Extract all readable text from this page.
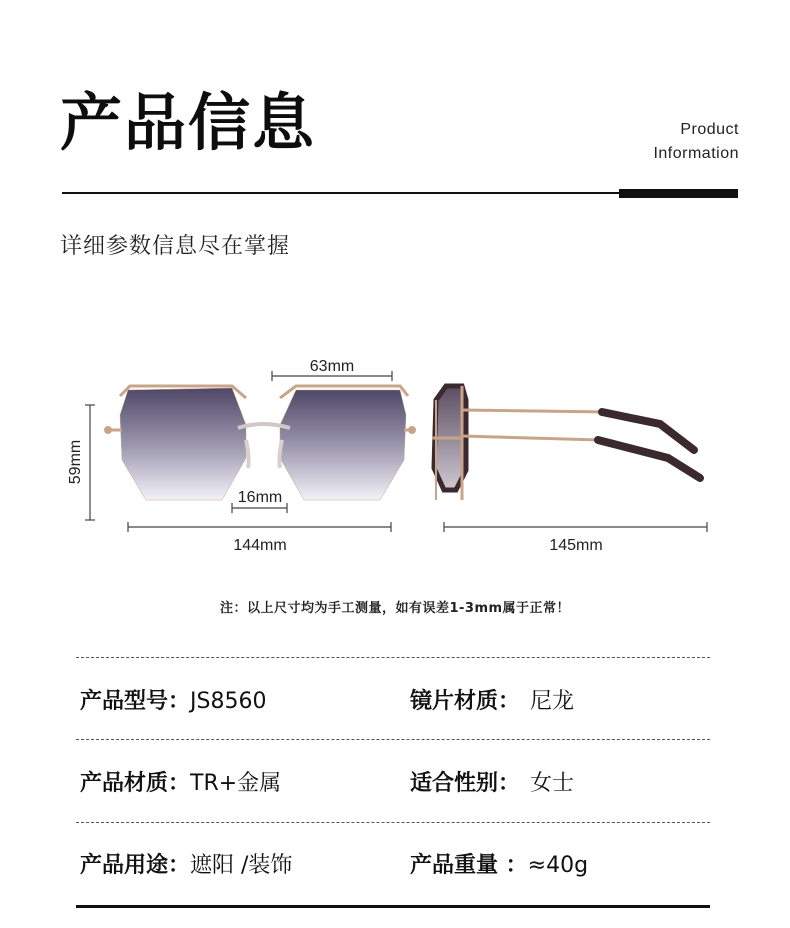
产品信息	Product
Information
详细参数信息尽在掌握
63mm
59mm
16mm
144mm	145mm
注：以上尺寸均为手工测量，如有误差1-3mm属于正常！
产品型号：JS8560	镜片材质： 尼龙
产品材质：TR+金属	适合性别： 女士
产品用途：遮阳 /装饰	产品重量 ：≈40g
